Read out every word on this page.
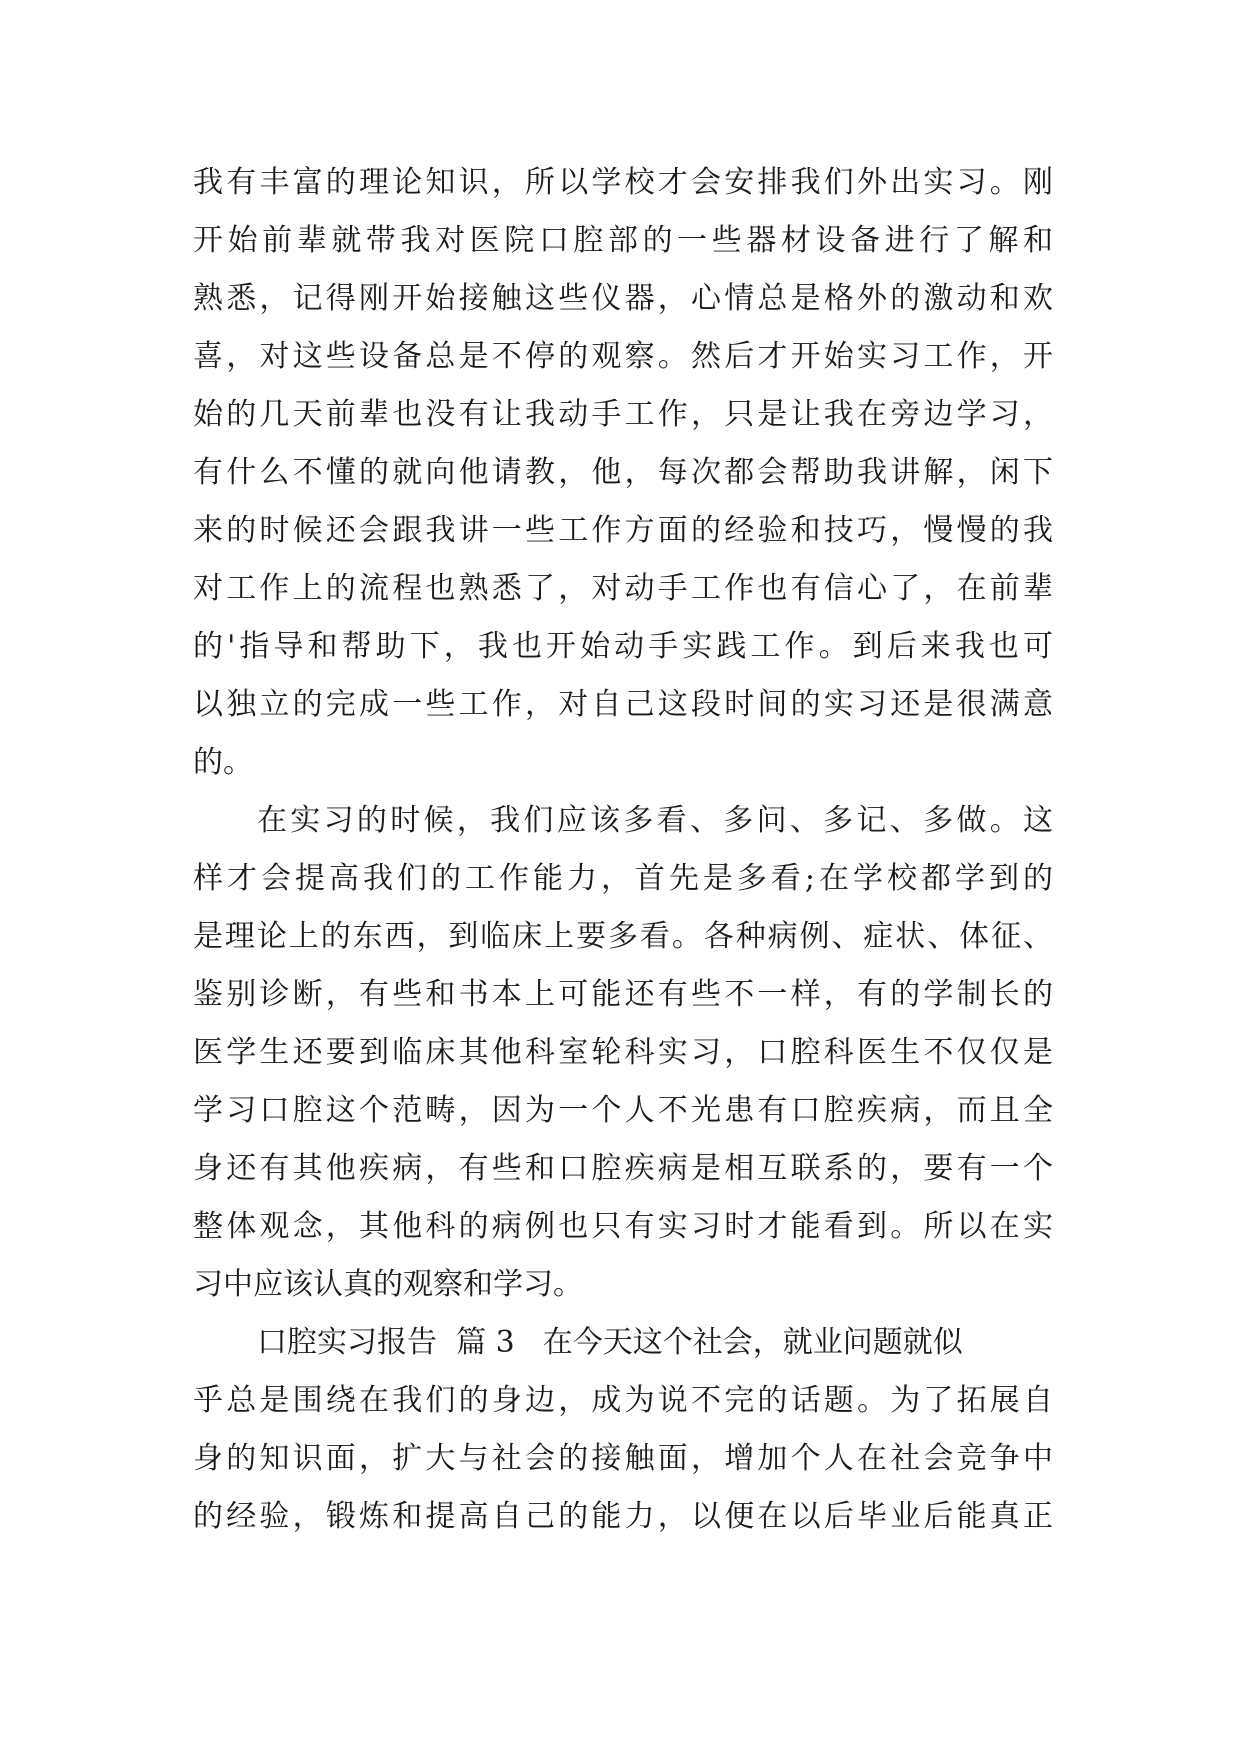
我有丰富的理论知识，所以学校才会安排我们外出实习。刚
开始前辈就带我对医院口腔部的一些器材设备进行了解和
熟悉，记得刚开始接触这些仪器，心情总是格外的激动和欢
喜，对这些设备总是不停的观察。然后才开始实习工作，开
始的几天前辈也没有让我动手工作，只是让我在旁边学习，
有什么不懂的就向他请教，他，每次都会帮助我讲解，闲下
来的时候还会跟我讲一些工作方面的经验和技巧，慢慢的我
对工作上的流程也熟悉了，对动手工作也有信心了，在前辈
的'指导和帮助下，我也开始动手实践工作。到后来我也可
以独立的完成一些工作，对自己这段时间的实习还是很满意
的。
在实习的时候，我们应该多看、多问、多记、多做。这
样才会提高我们的工作能力，首先是多看;在学校都学到的
是理论上的东西，到临床上要多看。各种病例、症状、体征、
鉴别诊断，有些和书本上可能还有些不一样，有的学制长的
医学生还要到临床其他科室轮科实习，口腔科医生不仅仅是
学习口腔这个范畴，因为一个人不光患有口腔疾病，而且全
身还有其他疾病，有些和口腔疾病是相互联系的，要有一个
整体观念，其他科的病例也只有实习时才能看到。所以在实
习中应该认真的观察和学习。
口腔实习报告  篇 3 在今天这个社会，就业问题就似
乎总是围绕在我们的身边，成为说不完的话题。为了拓展自
身的知识面，扩大与社会的接触面，增加个人在社会竞争中
的经验，锻炼和提高自己的能力，以便在以后毕业后能真正
